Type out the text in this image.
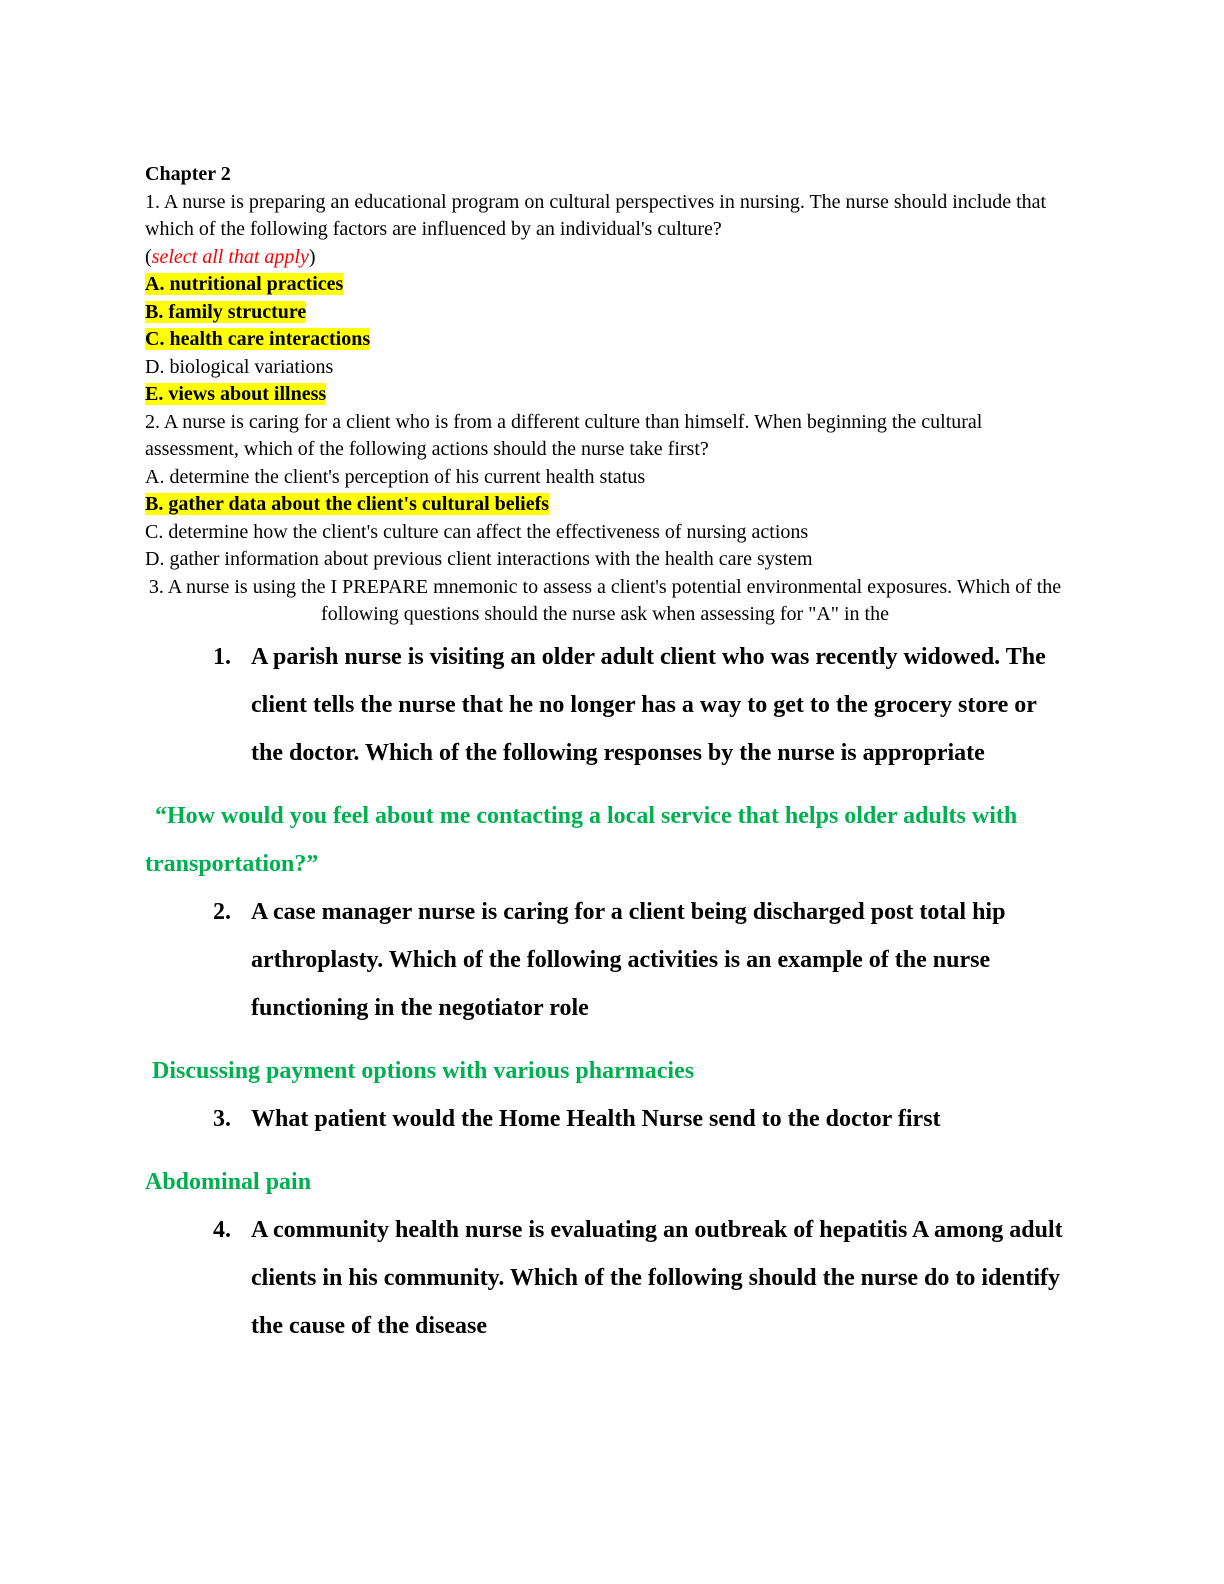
Chapter 2

1. A nurse is preparing an educational program on cultural perspectives in nursing. The nurse should include that which of the following factors are influenced by an individual's culture?

(select all that apply)
A. nutritional practices
B. family structure
C. health care interactions
D. biological variations
E. views about illness

2. A nurse is caring for a client who is from a different culture than himself. When beginning the cultural assessment, which of the following actions should the nurse take first?

A. determine the client's perception of his current health status
B. gather data about the client's cultural beliefs
C. determine how the client's culture can affect the effectiveness of nursing actions
D. gather information about previous client interactions with the health care system

3. A nurse is using the I PREPARE mnemonic to assess a client's potential environmental exposures. Which of the following questions should the nurse ask when assessing for "A" in the

1. A parish nurse is visiting an older adult client who was recently widowed. The client tells the nurse that he no longer has a way to get to the grocery store or the doctor. Which of the following responses by the nurse is appropriate

“How would you feel about me contacting a local service that helps older adults with transportation?”

2. A case manager nurse is caring for a client being discharged post total hip arthroplasty. Which of the following activities is an example of the nurse functioning in the negotiator role

Discussing payment options with various pharmacies

3. What patient would the Home Health Nurse send to the doctor first

Abdominal pain

4. A community health nurse is evaluating an outbreak of hepatitis A among adult clients in his community. Which of the following should the nurse do to identify the cause of the disease
